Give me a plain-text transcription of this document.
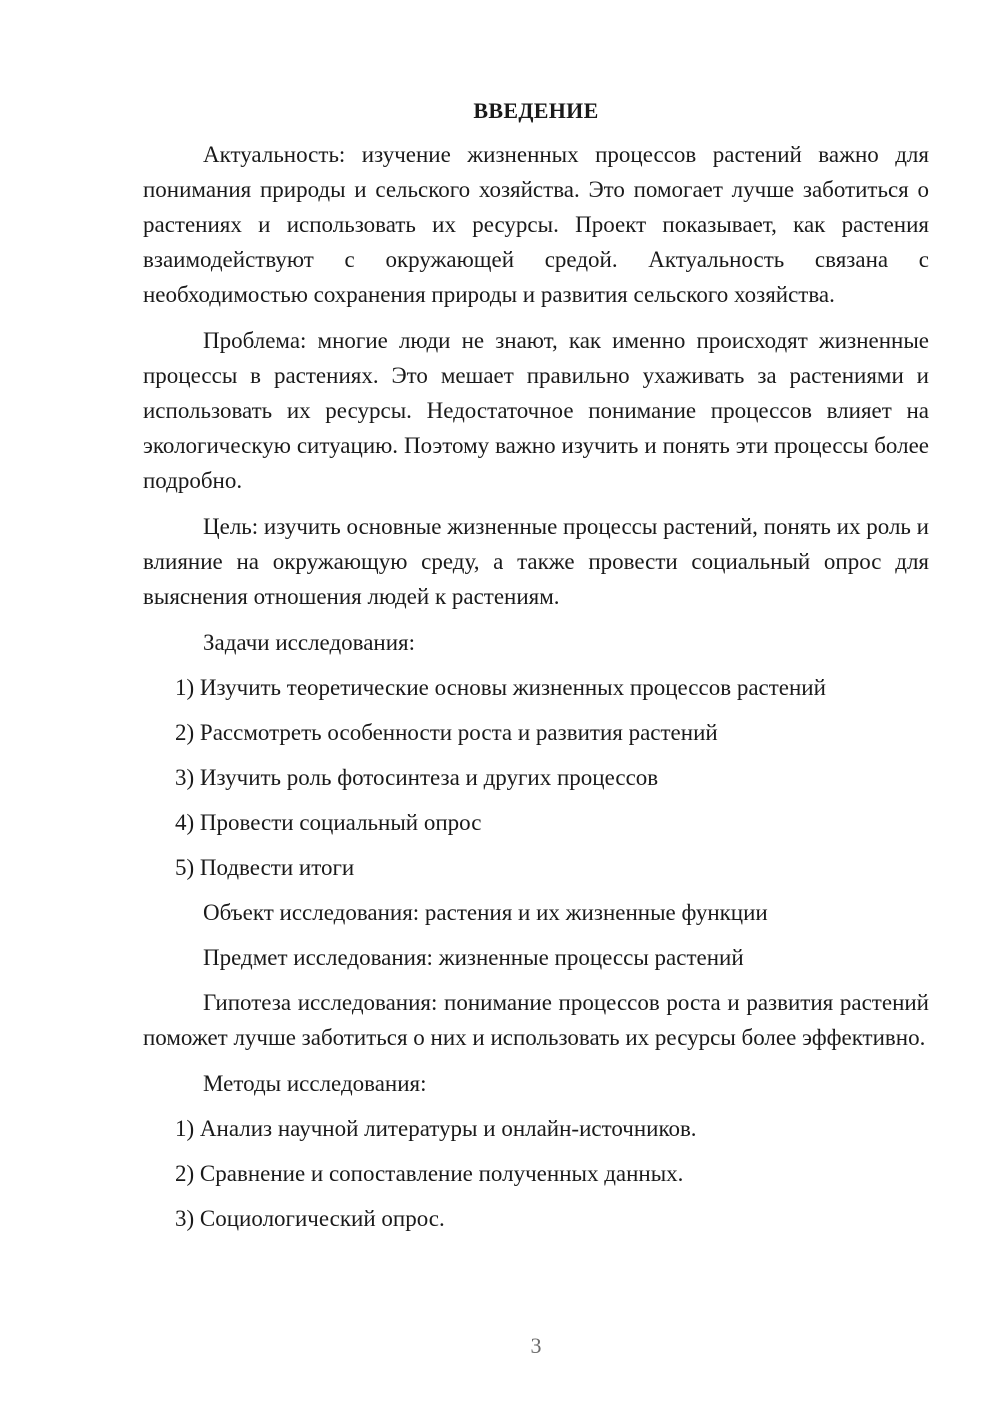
ВВЕДЕНИЕ

Актуальность: изучение жизненных процессов растений важно для понимания природы и сельского хозяйства. Это помогает лучше заботиться о растениях и использовать их ресурсы. Проект показывает, как растения взаимодействуют с окружающей средой. Актуальность связана с необходимостью сохранения природы и развития сельского хозяйства.

Проблема: многие люди не знают, как именно происходят жизненные процессы в растениях. Это мешает правильно ухаживать за растениями и использовать их ресурсы. Недостаточное понимание процессов влияет на экологическую ситуацию. Поэтому важно изучить и понять эти процессы более подробно.

Цель: изучить основные жизненные процессы растений, понять их роль и влияние на окружающую среду, а также провести социальный опрос для выяснения отношения людей к растениям.

Задачи исследования:
1) Изучить теоретические основы жизненных процессов растений
2) Рассмотреть особенности роста и развития растений
3) Изучить роль фотосинтеза и других процессов
4) Провести социальный опрос
5) Подвести итоги
Объект исследования: растения и их жизненные функции
Предмет исследования: жизненные процессы растений

Гипотеза исследования: понимание процессов роста и развития растений поможет лучше заботиться о них и использовать их ресурсы более эффективно.

Методы исследования:
1) Анализ научной литературы и онлайн-источников.
2) Сравнение и сопоставление полученных данных.
3) Социологический опрос.
3
